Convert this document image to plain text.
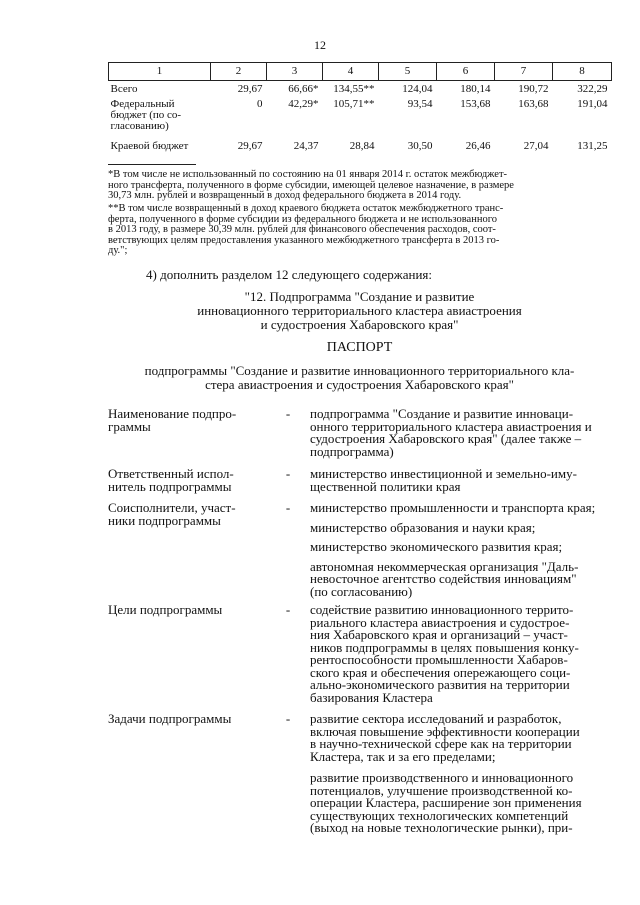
12
1	2	3	4	5	6	7	8
Всего	29,67	66,66*	134,55**	124,04	180,14	190,72	322,29
Федеральный
бюджет (по со-
гласованию)	0	42,29*	105,71**	93,54	153,68	163,68	191,04
Краевой бюджет	29,67	24,37	28,84	30,50	26,46	27,04	131,25

*В том числе не использованный по состоянию на 01 января 2014 г. остаток межбюджет-

ного трансферта, полученного в форме субсидии, имеющей целевое назначение, в размере

30,73 млн. рублей и возвращенный в доход федерального бюджета в 2014 году.

**В том числе возвращенный в доход краевого бюджета остаток межбюджетного транс-

ферта, полученного в форме субсидии из федерального бюджета и не использованного

в 2013 году, в размере 30,39 млн. рублей для финансового обеспечения расходов, соот-

ветствующих целям предоставления указанного межбюджетного трансферта в 2013 го-

ду.";

4) дополнить разделом 12 следующего содержания:

"12. Подпрограмма "Создание и развитие

инновационного территориального кластера авиастроения

и судостроения Хабаровского края"

ПАСПОРТ

подпрограммы "Создание и развитие инновационного территориального кла-

стера авиастроения и судостроения Хабаровского края"

Наименование подпро-
граммы
-	подпрограмма "Создание и развитие инноваци-

онного территориального кластера авиастроения и

судостроения Хабаровского края" (далее также –

подпрограмма)

Ответственный испол-
нитель подпрограммы
-	министерство инвестиционной и земельно-иму-

щественной политики края

Соисполнители, участ-
ники подпрограммы
-	министерство промышленности и транспорта края;

министерство образования и науки края;

министерство экономического развития края;

автономная некоммерческая организация "Даль-

невосточное агентство содействия инновациям"

(по согласованию)

Цели подпрограммы	-	содействие развитию инновационного террито-

риального кластера авиастроения и судострое-

ния Хабаровского края и организаций – участ-

ников подпрограммы в целях повышения конку-

рентоспособности промышленности Хабаров-

ского края и обеспечения опережающего соци-

ально-экономического развития на территории

базирования Кластера

Задачи подпрограммы	-	развитие сектора исследований и разработок,

включая повышение эффективности кооперации

в научно-технической сфере как на территории

Кластера, так и за его пределами;

развитие производственного и инновационного

потенциалов, улучшение производственной ко-

операции Кластера, расширение зон применения

существующих технологических компетенций

(выход на новые технологические рынки), при-
